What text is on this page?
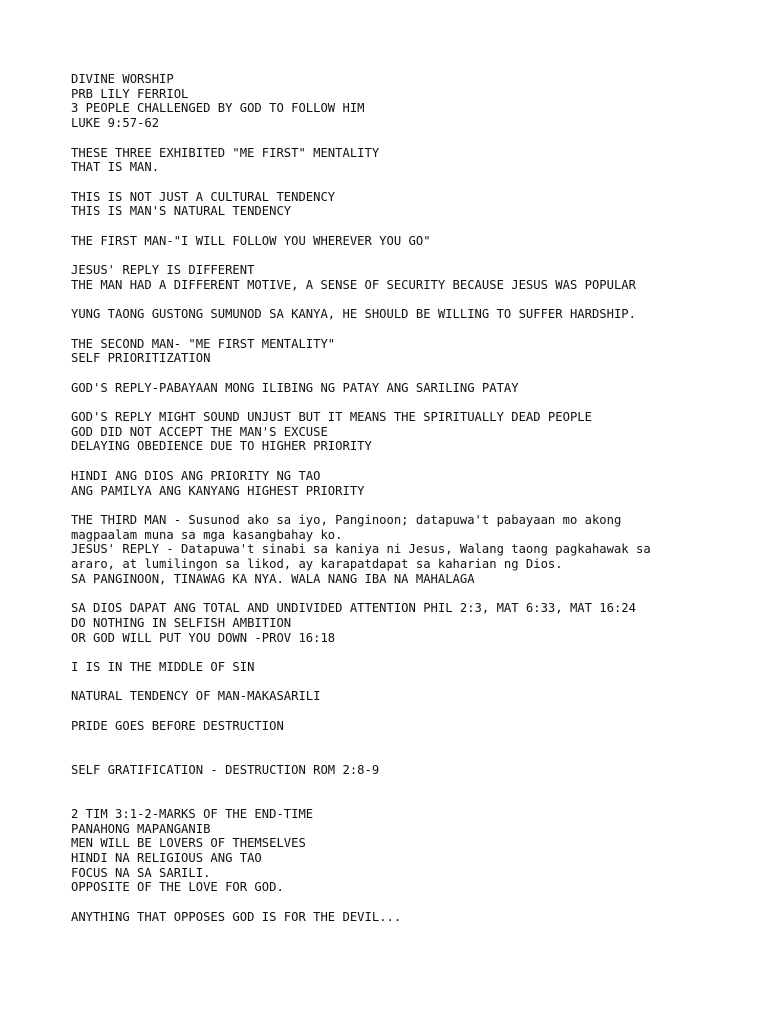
DIVINE WORSHIP
PRB LILY FERRIOL
3 PEOPLE CHALLENGED BY GOD TO FOLLOW HIM
LUKE 9:57-62
THESE THREE EXHIBITED "ME FIRST" MENTALITY
THAT IS MAN.
THIS IS NOT JUST A CULTURAL TENDENCY
THIS IS MAN'S NATURAL TENDENCY
THE FIRST MAN-"I WILL FOLLOW YOU WHEREVER YOU GO"
JESUS' REPLY IS DIFFERENT
THE MAN HAD A DIFFERENT MOTIVE, A SENSE OF SECURITY BECAUSE JESUS WAS POPULAR
YUNG TAONG GUSTONG SUMUNOD SA KANYA, HE SHOULD BE WILLING TO SUFFER HARDSHIP.
THE SECOND MAN- "ME FIRST MENTALITY"
SELF PRIORITIZATION
GOD'S REPLY-PABAYAAN MONG ILIBING NG PATAY ANG SARILING PATAY
GOD'S REPLY MIGHT SOUND UNJUST BUT IT MEANS THE SPIRITUALLY DEAD PEOPLE
GOD DID NOT ACCEPT THE MAN'S EXCUSE
DELAYING OBEDIENCE DUE TO HIGHER PRIORITY
HINDI ANG DIOS ANG PRIORITY NG TAO
ANG PAMILYA ANG KANYANG HIGHEST PRIORITY
THE THIRD MAN - Susunod ako sa iyo, Panginoon; datapuwa't pabayaan mo akong
magpaalam muna sa mga kasangbahay ko.
JESUS' REPLY - Datapuwa't sinabi sa kaniya ni Jesus, Walang taong pagkahawak sa
araro, at lumilingon sa likod, ay karapatdapat sa kaharian ng Dios.
SA PANGINOON, TINAWAG KA NYA. WALA NANG IBA NA MAHALAGA
SA DIOS DAPAT ANG TOTAL AND UNDIVIDED ATTENTION PHIL 2:3, MAT 6:33, MAT 16:24
DO NOTHING IN SELFISH AMBITION
OR GOD WILL PUT YOU DOWN -PROV 16:18
I IS IN THE MIDDLE OF SIN
NATURAL TENDENCY OF MAN-MAKASARILI
PRIDE GOES BEFORE DESTRUCTION
SELF GRATIFICATION - DESTRUCTION ROM 2:8-9
2 TIM 3:1-2-MARKS OF THE END-TIME
PANAHONG MAPANGANIB
MEN WILL BE LOVERS OF THEMSELVES
HINDI NA RELIGIOUS ANG TAO
FOCUS NA SA SARILI.
OPPOSITE OF THE LOVE FOR GOD.
ANYTHING THAT OPPOSES GOD IS FOR THE DEVIL...
